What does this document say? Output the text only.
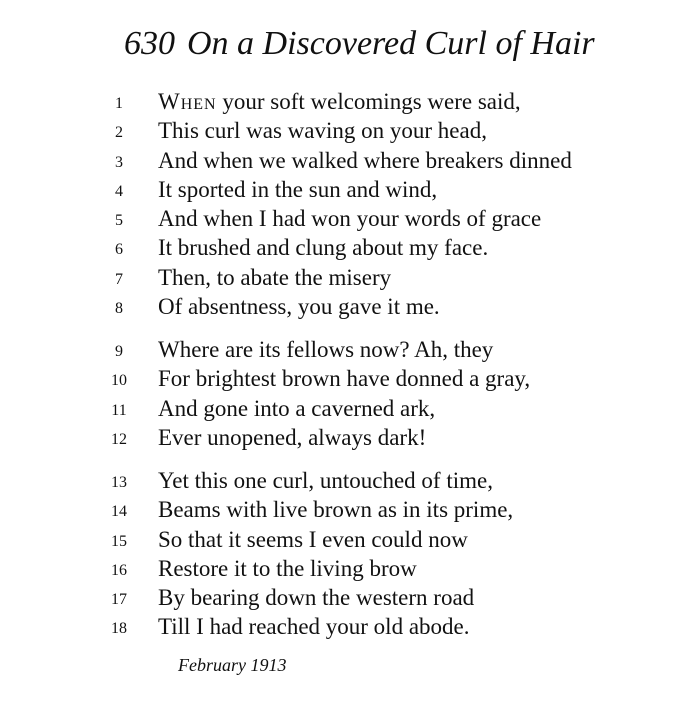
630 On a Discovered Curl of Hair
1	When your soft welcomings were said,
2	This curl was waving on your head,
3	And when we walked where breakers dinned
4	It sported in the sun and wind,
5	And when I had won your words of grace
6	It brushed and clung about my face.
7	Then, to abate the misery
8	Of absentness, you gave it me.
9	Where are its fellows now? Ah, they
10	For brightest brown have donned a gray,
11	And gone into a caverned ark,
12	Ever unopened, always dark!
13	Yet this one curl, untouched of time,
14	Beams with live brown as in its prime,
15	So that it seems I even could now
16	Restore it to the living brow
17	By bearing down the western road
18	Till I had reached your old abode.
February 1913
